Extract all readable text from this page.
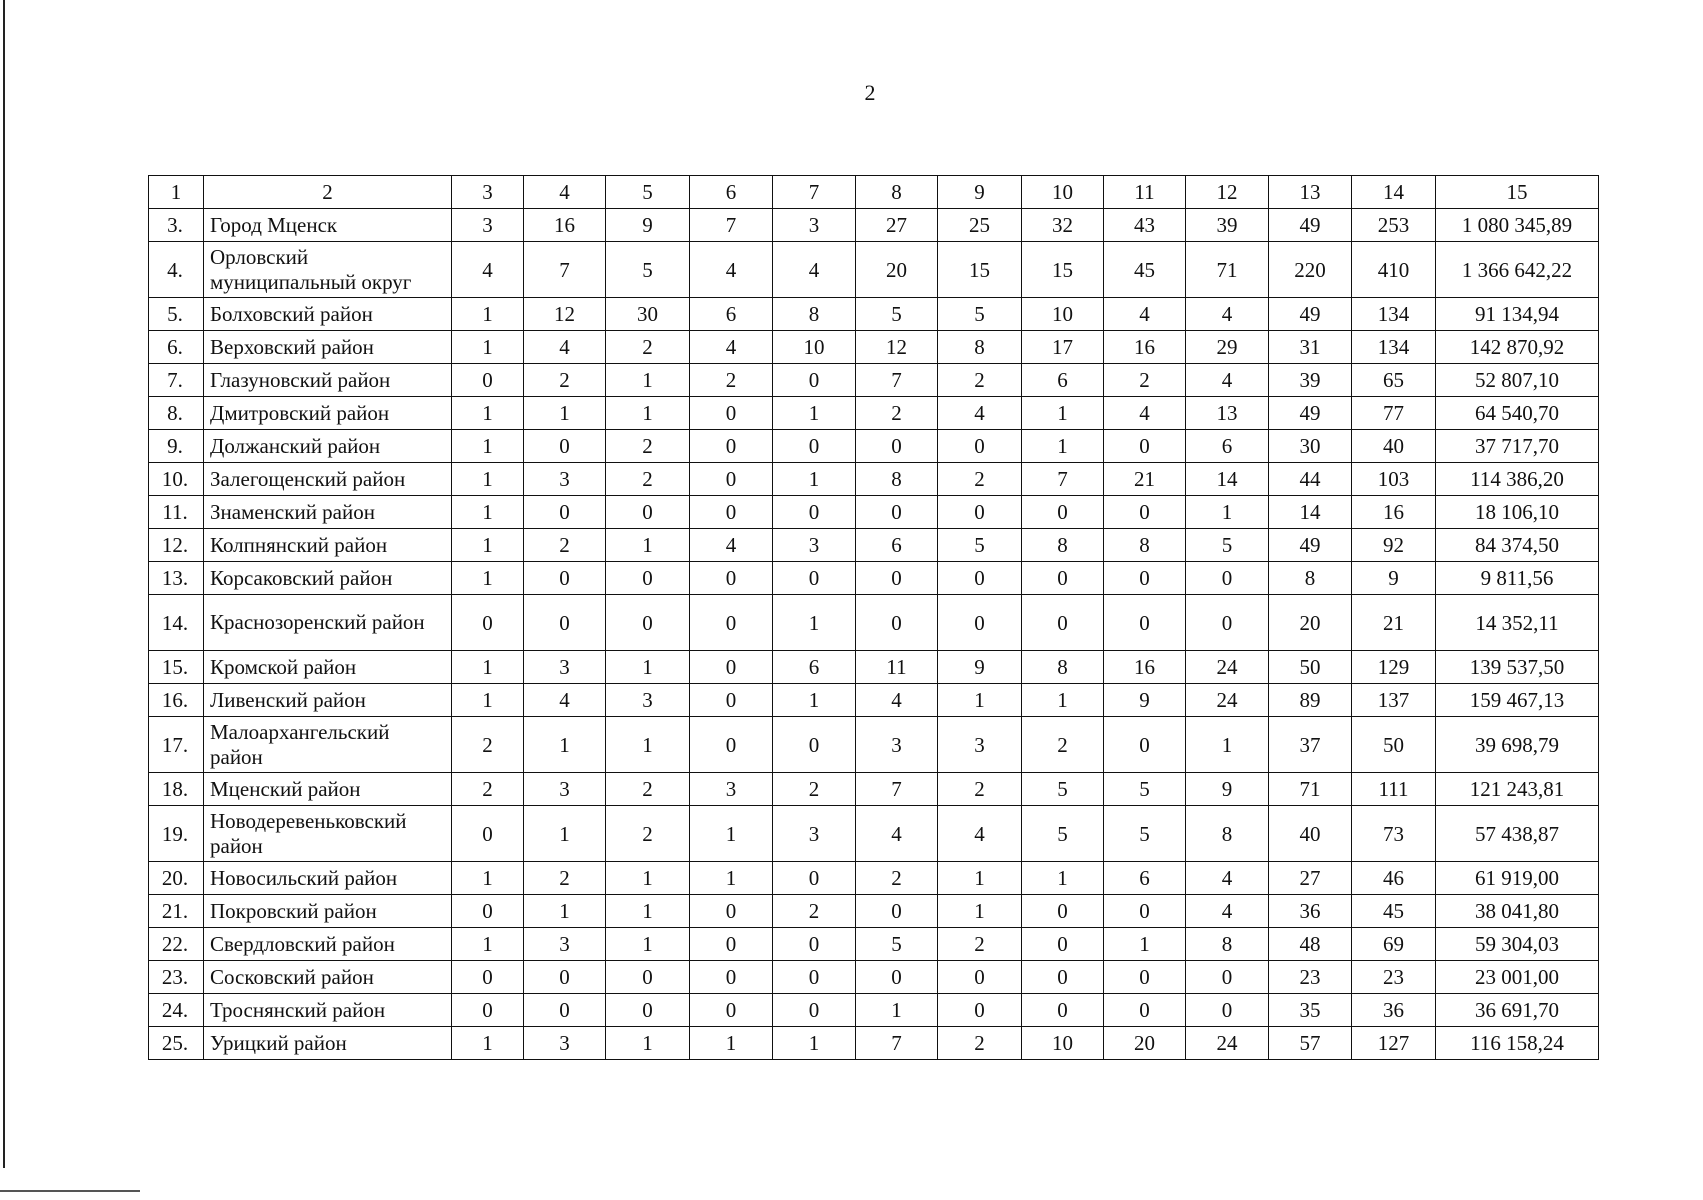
2
1	2	3	4	5	6	7	8	9	10	11	12	13	14	15
3.	Город Мценск	3	16	9	7	3	27	25	32	43	39	49	253	1 080 345,89
4.	Орловский муниципальный округ	4	7	5	4	4	20	15	15	45	71	220	410	1 366 642,22
5.	Болховский район	1	12	30	6	8	5	5	10	4	4	49	134	91 134,94
6.	Верховский район	1	4	2	4	10	12	8	17	16	29	31	134	142 870,92
7.	Глазуновский район	0	2	1	2	0	7	2	6	2	4	39	65	52 807,10
8.	Дмитровский район	1	1	1	0	1	2	4	1	4	13	49	77	64 540,70
9.	Должанский район	1	0	2	0	0	0	0	1	0	6	30	40	37 717,70
10.	Залегощенский район	1	3	2	0	1	8	2	7	21	14	44	103	114 386,20
11.	Знаменский район	1	0	0	0	0	0	0	0	0	1	14	16	18 106,10
12.	Колпнянский район	1	2	1	4	3	6	5	8	8	5	49	92	84 374,50
13.	Корсаковский район	1	0	0	0	0	0	0	0	0	0	8	9	9 811,56
14.	Краснозоренский район	0	0	0	0	1	0	0	0	0	0	20	21	14 352,11
15.	Кромской район	1	3	1	0	6	11	9	8	16	24	50	129	139 537,50
16.	Ливенский район	1	4	3	0	1	4	1	1	9	24	89	137	159 467,13
17.	Малоархангельский район	2	1	1	0	0	3	3	2	0	1	37	50	39 698,79
18.	Мценский район	2	3	2	3	2	7	2	5	5	9	71	111	121 243,81
19.	Новодеревеньковский район	0	1	2	1	3	4	4	5	5	8	40	73	57 438,87
20.	Новосильский район	1	2	1	1	0	2	1	1	6	4	27	46	61 919,00
21.	Покровский район	0	1	1	0	2	0	1	0	0	4	36	45	38 041,80
22.	Свердловский район	1	3	1	0	0	5	2	0	1	8	48	69	59 304,03
23.	Сосковский район	0	0	0	0	0	0	0	0	0	0	23	23	23 001,00
24.	Троснянский район	0	0	0	0	0	1	0	0	0	0	35	36	36 691,70
25.	Урицкий район	1	3	1	1	1	7	2	10	20	24	57	127	116 158,24
